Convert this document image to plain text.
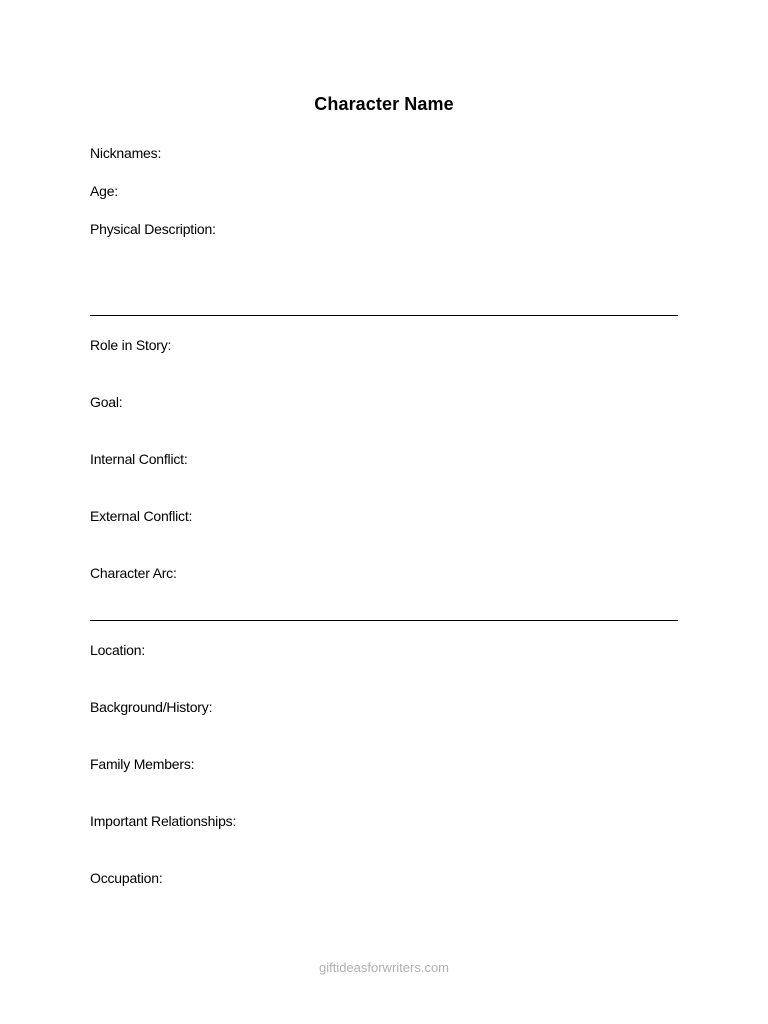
Character Name
Nicknames:
Age:
Physical Description:
Role in Story:
Goal:
Internal Conflict:
External Conflict:
Character Arc:
Location:
Background/History:
Family Members:
Important Relationships:
Occupation:
giftideasforwriters.com
